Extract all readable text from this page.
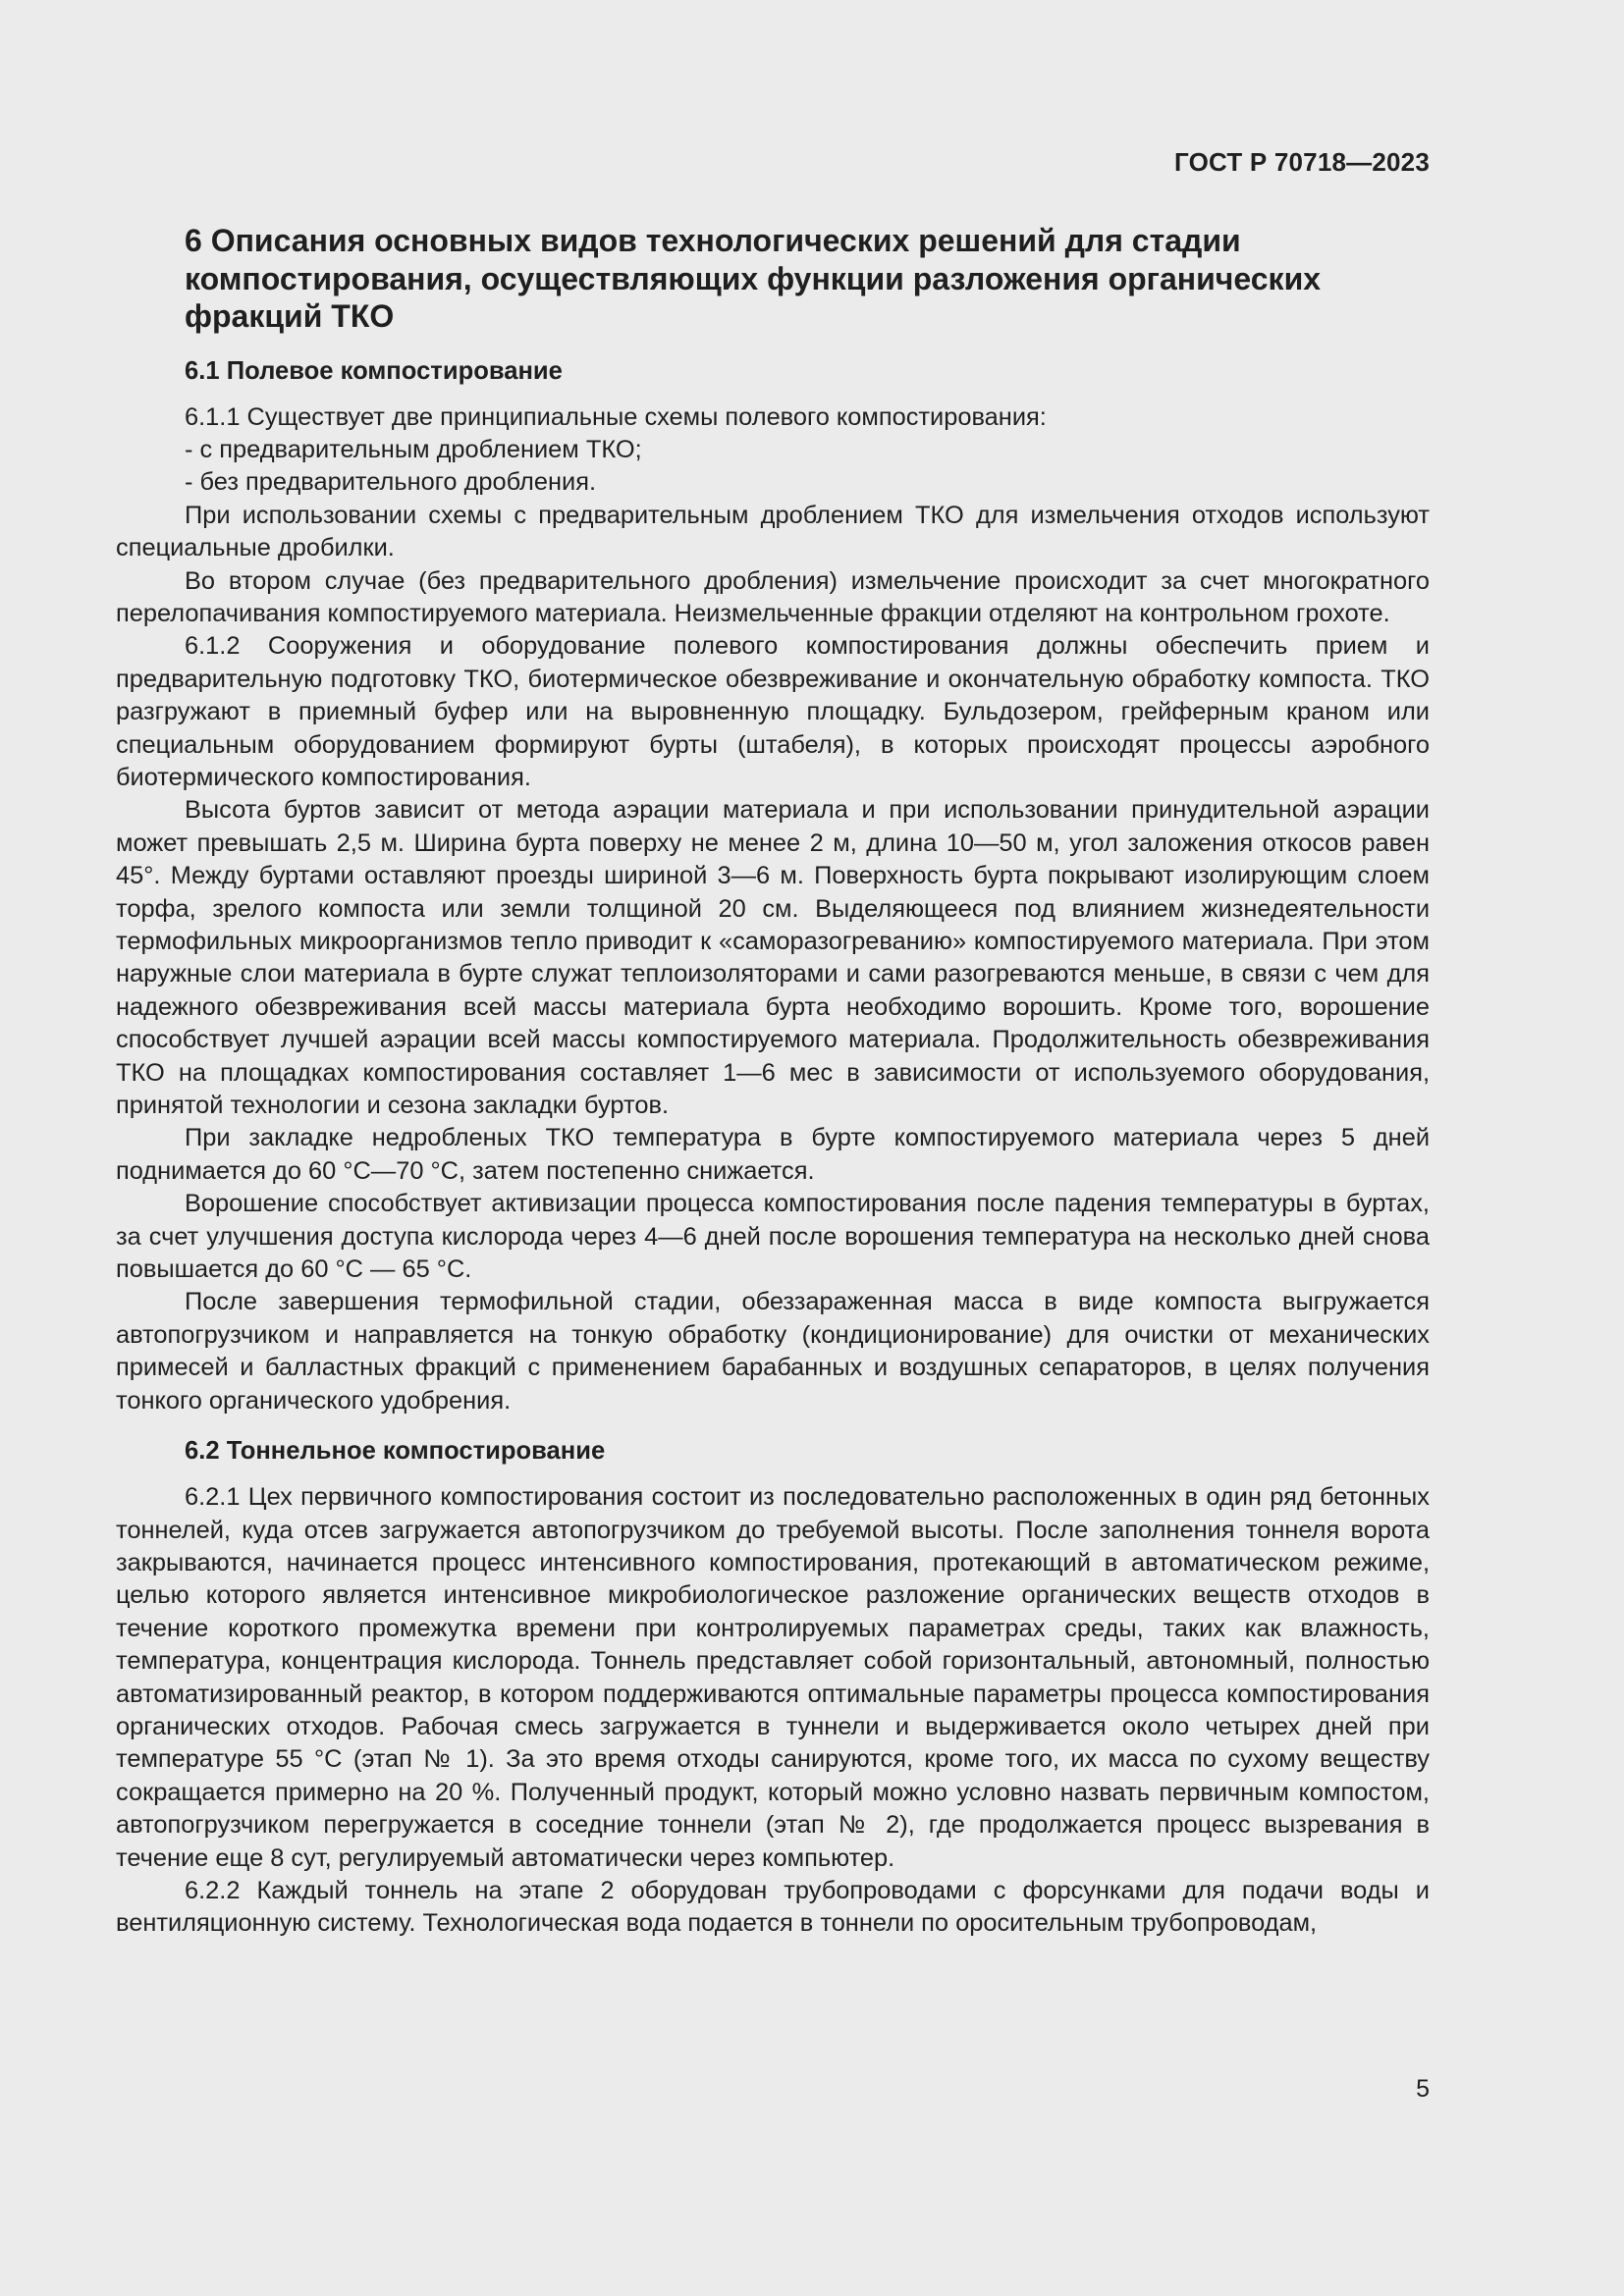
ГОСТ Р 70718—2023
6 Описания основных видов технологических решений для стадии компостирования, осуществляющих функции разложения органических фракций ТКО
6.1 Полевое компостирование

6.1.1 Существует две принципиальные схемы полевого компостирования:

- с предварительным дроблением ТКО;
- без предварительного дробления.

При использовании схемы с предварительным дроблением ТКО для измельчения отходов используют специальные дробилки.

Во втором случае (без предварительного дробления) измельчение происходит за счет многократного перелопачивания компостируемого материала. Неизмельченные фракции отделяют на контрольном грохоте.

6.1.2 Сооружения и оборудование полевого компостирования должны обеспечить прием и предварительную подготовку ТКО, биотермическое обезвреживание и окончательную обработку компоста. ТКО разгружают в приемный буфер или на выровненную площадку. Бульдозером, грейферным краном или специальным оборудованием формируют бурты (штабеля), в которых происходят процессы аэробного биотермического компостирования.

Высота буртов зависит от метода аэрации материала и при использовании принудительной аэрации может превышать 2,5 м. Ширина бурта поверху не менее 2 м, длина 10—50 м, угол заложения откосов равен 45°. Между буртами оставляют проезды шириной 3—6 м. Поверхность бурта покрывают изолирующим слоем торфа, зрелого компоста или земли толщиной 20 см. Выделяющееся под влиянием жизнедеятельности термофильных микроорганизмов тепло приводит к «саморазогреванию» компостируемого материала. При этом наружные слои материала в бурте служат теплоизоляторами и сами разогреваются меньше, в связи с чем для надежного обезвреживания всей массы материала бурта необходимо ворошить. Кроме того, ворошение способствует лучшей аэрации всей массы компостируемого материала. Продолжительность обезвреживания ТКО на площадках компостирования составляет 1—6 мес в зависимости от используемого оборудования, принятой технологии и сезона закладки буртов.

При закладке недробленых ТКО температура в бурте компостируемого материала через 5 дней поднимается до 60 °С—70 °С, затем постепенно снижается.

Ворошение способствует активизации процесса компостирования после падения температуры в буртах, за счет улучшения доступа кислорода через 4—6 дней после ворошения температура на несколько дней снова повышается до 60 °С — 65 °С.

После завершения термофильной стадии, обеззараженная масса в виде компоста выгружается автопогрузчиком и направляется на тонкую обработку (кондиционирование) для очистки от механических примесей и балластных фракций с применением барабанных и воздушных сепараторов, в целях получения тонкого органического удобрения.

6.2 Тоннельное компостирование

6.2.1 Цех первичного компостирования состоит из последовательно расположенных в один ряд бетонных тоннелей, куда отсев загружается автопогрузчиком до требуемой высоты. После заполнения тоннеля ворота закрываются, начинается процесс интенсивного компостирования, протекающий в автоматическом режиме, целью которого является интенсивное микробиологическое разложение органических веществ отходов в течение короткого промежутка времени при контролируемых параметрах среды, таких как влажность, температура, концентрация кислорода. Тоннель представляет собой горизонтальный, автономный, полностью автоматизированный реактор, в котором поддерживаются оптимальные параметры процесса компостирования органических отходов. Рабочая смесь загружается в туннели и выдерживается около четырех дней при температуре 55 °С (этап № 1). За это время отходы санируются, кроме того, их масса по сухому веществу сокращается примерно на 20 %. Полученный продукт, который можно условно назвать первичным компостом, автопогрузчиком перегружается в соседние тоннели (этап № 2), где продолжается процесс вызревания в течение еще 8 сут, регулируемый автоматически через компьютер.

6.2.2 Каждый тоннель на этапе 2 оборудован трубопроводами с форсунками для подачи воды и вентиляционную систему. Технологическая вода подается в тоннели по оросительным трубопроводам,

5
